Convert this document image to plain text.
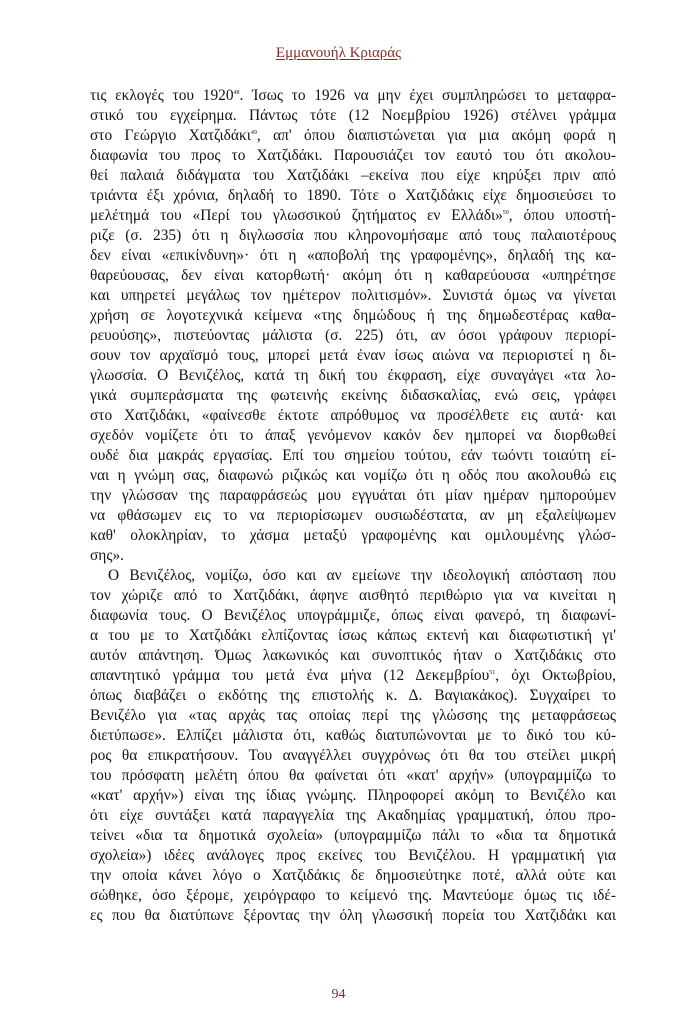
Εμμανουήλ Κριαράς
τις εκλογές του 1920$^{48}$. Ίσως το 1926 να μην έχει συμπληρώσει το μεταφρα-
στικό του εγχείρημα. Πάντως τότε (12 Νοεμβρίου 1926) στέλνει γράμμα
στο Γεώργιο Χατζιδάκι$^{49}$, απ' όπου διαπιστώνεται για μια ακόμη φορά η
διαφωνία του προς το Χατζιδάκι. Παρουσιάζει τον εαυτό του ότι ακολου-
θεί παλαιά διδάγματα του Χατζιδάκι –εκείνα που είχε κηρύξει πριν από
τριάντα έξι χρόνια, δηλαδή το 1890. Τότε ο Χατζιδάκις είχε δημοσιεύσει το
μελέτημά του «Περί του γλωσσικού ζητήματος εν Ελλάδι»$^{50}$, όπου υποστή-
ριζε (σ. 235) ότι η διγλωσσία που κληρονομήσαμε από τους παλαιοτέρους
δεν είναι «επικίνδυνη»· ότι η «αποβολή της γραφομένης», δηλαδή της κα-
θαρεύουσας, δεν είναι κατορθωτή· ακόμη ότι η καθαρεύουσα «υπηρέτησε
και υπηρετεί μεγάλως τον ημέτερον πολιτισμόν». Συνιστά όμως να γίνεται
χρήση σε λογοτεχνικά κείμενα «της δημώδους ή της δημωδεστέρας καθα-
ρευούσης», πιστεύοντας μάλιστα (σ. 225) ότι, αν όσοι γράφουν περιορί-
σουν τον αρχαϊσμό τους, μπορεί μετά έναν ίσως αιώνα να περιοριστεί η δι-
γλωσσία. Ο Βενιζέλος, κατά τη δική του έκφραση, είχε συναγάγει «τα λο-
γικά συμπεράσματα της φωτεινής εκείνης διδασκαλίας, ενώ σεις, γράφει
στο Χατζιδάκι, «φαίνεσθε έκτοτε απρόθυμος να προσέλθετε εις αυτά· και
σχεδόν νομίζετε ότι το άπαξ γενόμενον κακόν δεν ημπορεί να διορθωθεί
ουδέ δια μακράς εργασίας. Επί του σημείου τούτου, εάν τωόντι τοιαύτη εί-
ναι η γνώμη σας, διαφωνώ ριζικώς και νομίζω ότι η οδός που ακολουθώ εις
την γλώσσαν της παραφράσεώς μου εγγυάται ότι μίαν ημέραν ημπορούμεν
να φθάσωμεν εις το να περιορίσωμεν ουσιωδέστατα, αν μη εξαλείψωμεν
καθ' ολοκληρίαν, το χάσμα μεταξύ γραφομένης και ομιλουμένης γλώσ-
σης».
Ο Βενιζέλος, νομίζω, όσο και αν εμείωνε την ιδεολογική απόσταση που
τον χώριζε από το Χατζιδάκι, άφηνε αισθητό περιθώριο για να κινείται η
διαφωνία τους. Ο Βενιζέλος υπογράμμιζε, όπως είναι φανερό, τη διαφωνί-
α του με το Χατζιδάκι ελπίζοντας ίσως κάπως εκτενή και διαφωτιστική γι'
αυτόν απάντηση. Όμως λακωνικός και συνοπτικός ήταν ο Χατζιδάκις στο
απαντητικό γράμμα του μετά ένα μήνα (12 Δεκεμβρίου$^{51}$, όχι Οκτωβρίου,
όπως διαβάζει ο εκδότης της επιστολής κ. Δ. Βαγιακάκος). Συγχαίρει το
Βενιζέλο για «τας αρχάς τας οποίας περί της γλώσσης της μεταφράσεως
διετύπωσε». Ελπίζει μάλιστα ότι, καθώς διατυπώνονται με το δικό του κύ-
ρος θα επικρατήσουν. Του αναγγέλλει συγχρόνως ότι θα του στείλει μικρή
του πρόσφατη μελέτη όπου θα φαίνεται ότι «κατ' αρχήν» (υπογραμμίζω το
«κατ' αρχήν») είναι της ίδιας γνώμης. Πληροφορεί ακόμη το Βενιζέλο και
ότι είχε συντάξει κατά παραγγελία της Ακαδημίας γραμματική, όπου προ-
τείνει «δια τα δημοτικά σχολεία» (υπογραμμίζω πάλι το «δια τα δημοτικά
σχολεία») ιδέες ανάλογες προς εκείνες του Βενιζέλου. Η γραμματική για
την οποία κάνει λόγο ο Χατζιδάκις δε δημοσιεύτηκε ποτέ, αλλά ούτε και
σώθηκε, όσο ξέρομε, χειρόγραφο το κείμενό της. Μαντεύομε όμως τις ιδέ-
ες που θα διατύπωνε ξέροντας την όλη γλωσσική πορεία του Χατζιδάκι και
94
